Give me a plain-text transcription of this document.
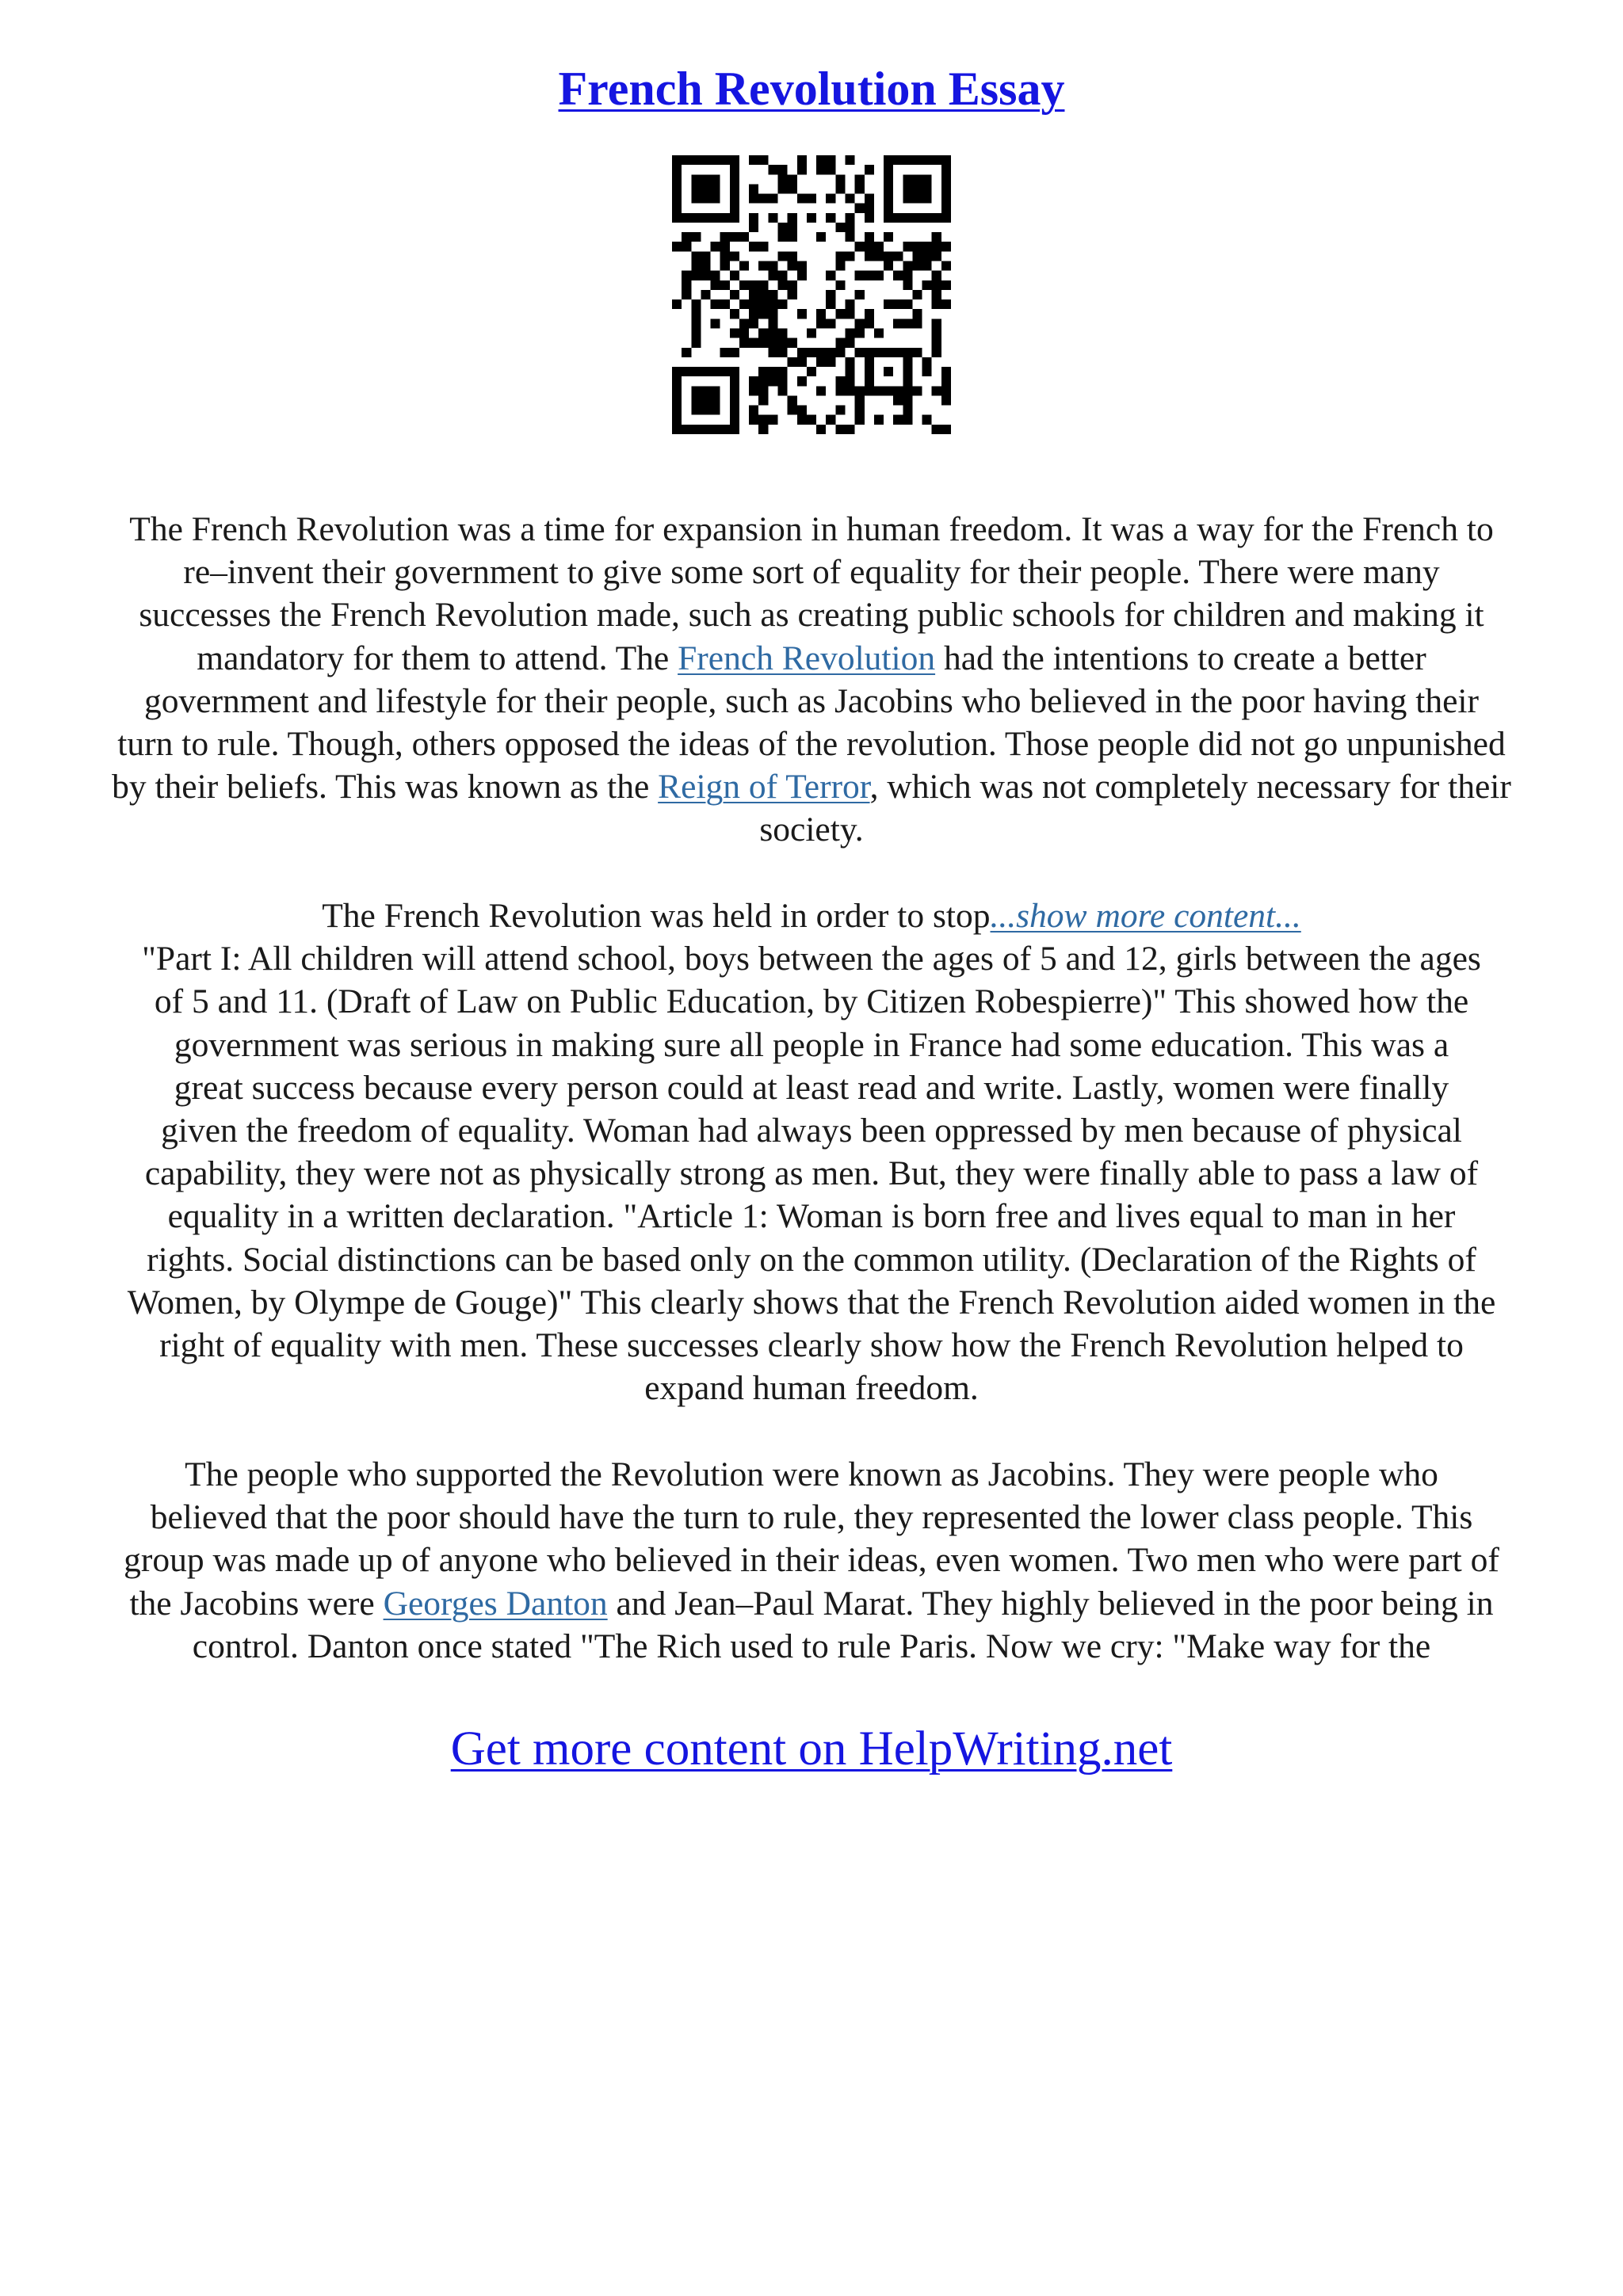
French Revolution Essay

The French Revolution was a time for expansion in human freedom. It was a way for the French to
re–invent their government to give some sort of equality for their people. There were many
successes the French Revolution made, such as creating public schools for children and making it
mandatory for them to attend. The French Revolution had the intentions to create a better
government and lifestyle for their people, such as Jacobins who believed in the poor having their
turn to rule. Though, others opposed the ideas of the revolution. Those people did not go unpunished
by their beliefs. This was known as the Reign of Terror, which was not completely necessary for their
society.

The French Revolution was held in order to stop...show more content...
"Part I: All children will attend school, boys between the ages of 5 and 12, girls between the ages
of 5 and 11. (Draft of Law on Public Education, by Citizen Robespierre)" This showed how the
government was serious in making sure all people in France had some education. This was a
great success because every person could at least read and write. Lastly, women were finally
given the freedom of equality. Woman had always been oppressed by men because of physical
capability, they were not as physically strong as men. But, they were finally able to pass a law of
equality in a written declaration. "Article 1: Woman is born free and lives equal to man in her
rights. Social distinctions can be based only on the common utility. (Declaration of the Rights of
Women, by Olympe de Gouge)" This clearly shows that the French Revolution aided women in the
right of equality with men. These successes clearly show how the French Revolution helped to
expand human freedom.

The people who supported the Revolution were known as Jacobins. They were people who
believed that the poor should have the turn to rule, they represented the lower class people. This
group was made up of anyone who believed in their ideas, even women. Two men who were part of
the Jacobins were Georges Danton and Jean–Paul Marat. They highly believed in the poor being in
control. Danton once stated "The Rich used to rule Paris. Now we cry: "Make way for the

Get more content on HelpWriting.net
